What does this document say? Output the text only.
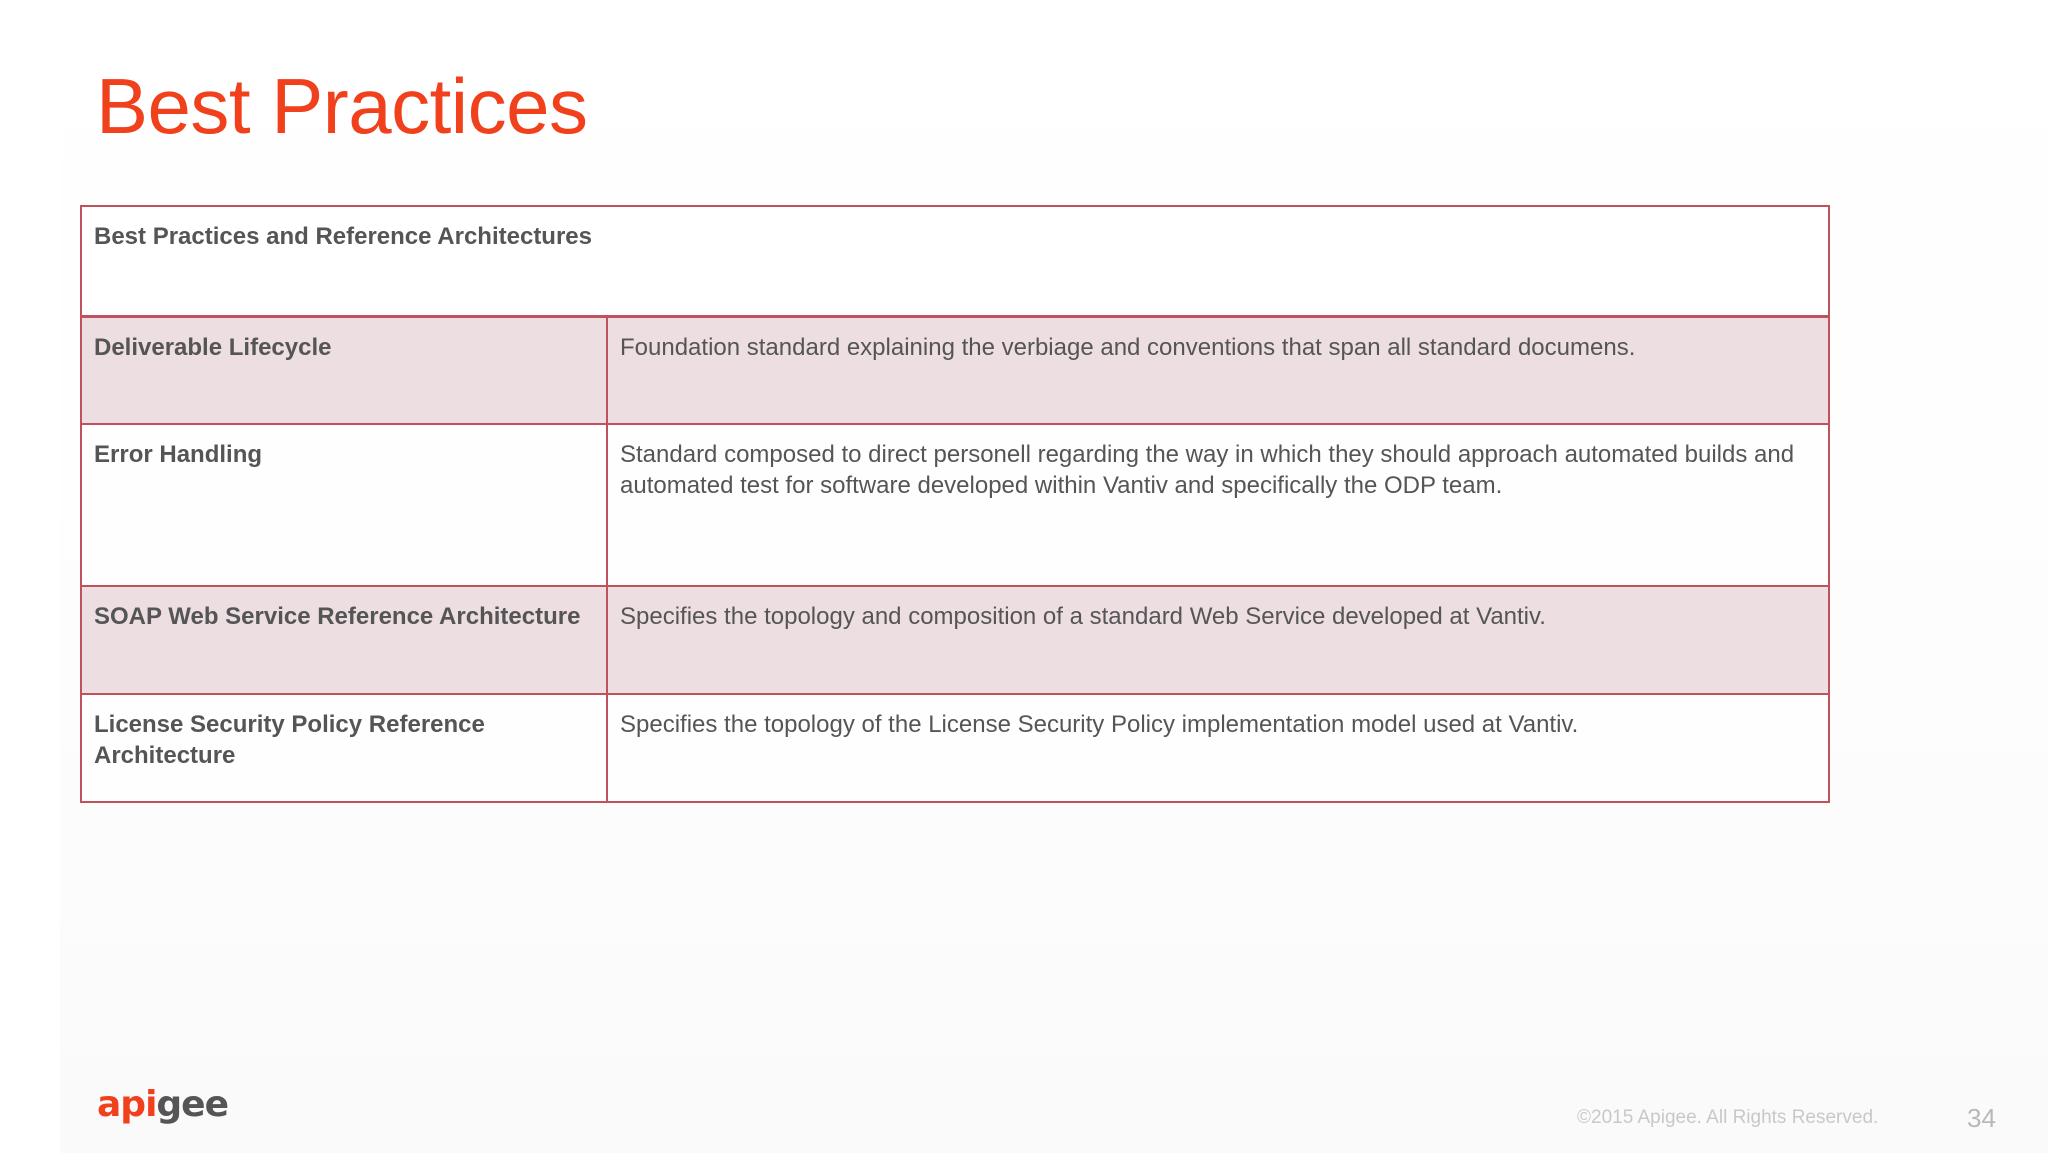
Best Practices
Best Practices and Reference Architectures	
Deliverable Lifecycle	Foundation standard explaining the verbiage and conventions that span all standard documens.
Error Handling	Standard composed to direct personell regarding the way in which they should approach automated builds and automated test for software developed within Vantiv and specifically the ODP team.
SOAP Web Service Reference Architecture	Specifies the topology and composition of a standard Web Service developed at Vantiv.
License Security Policy Reference Architecture	Specifies the topology of the License Security Policy implementation model used at Vantiv.
apigee	©2015 Apigee. All Rights Reserved.	34
